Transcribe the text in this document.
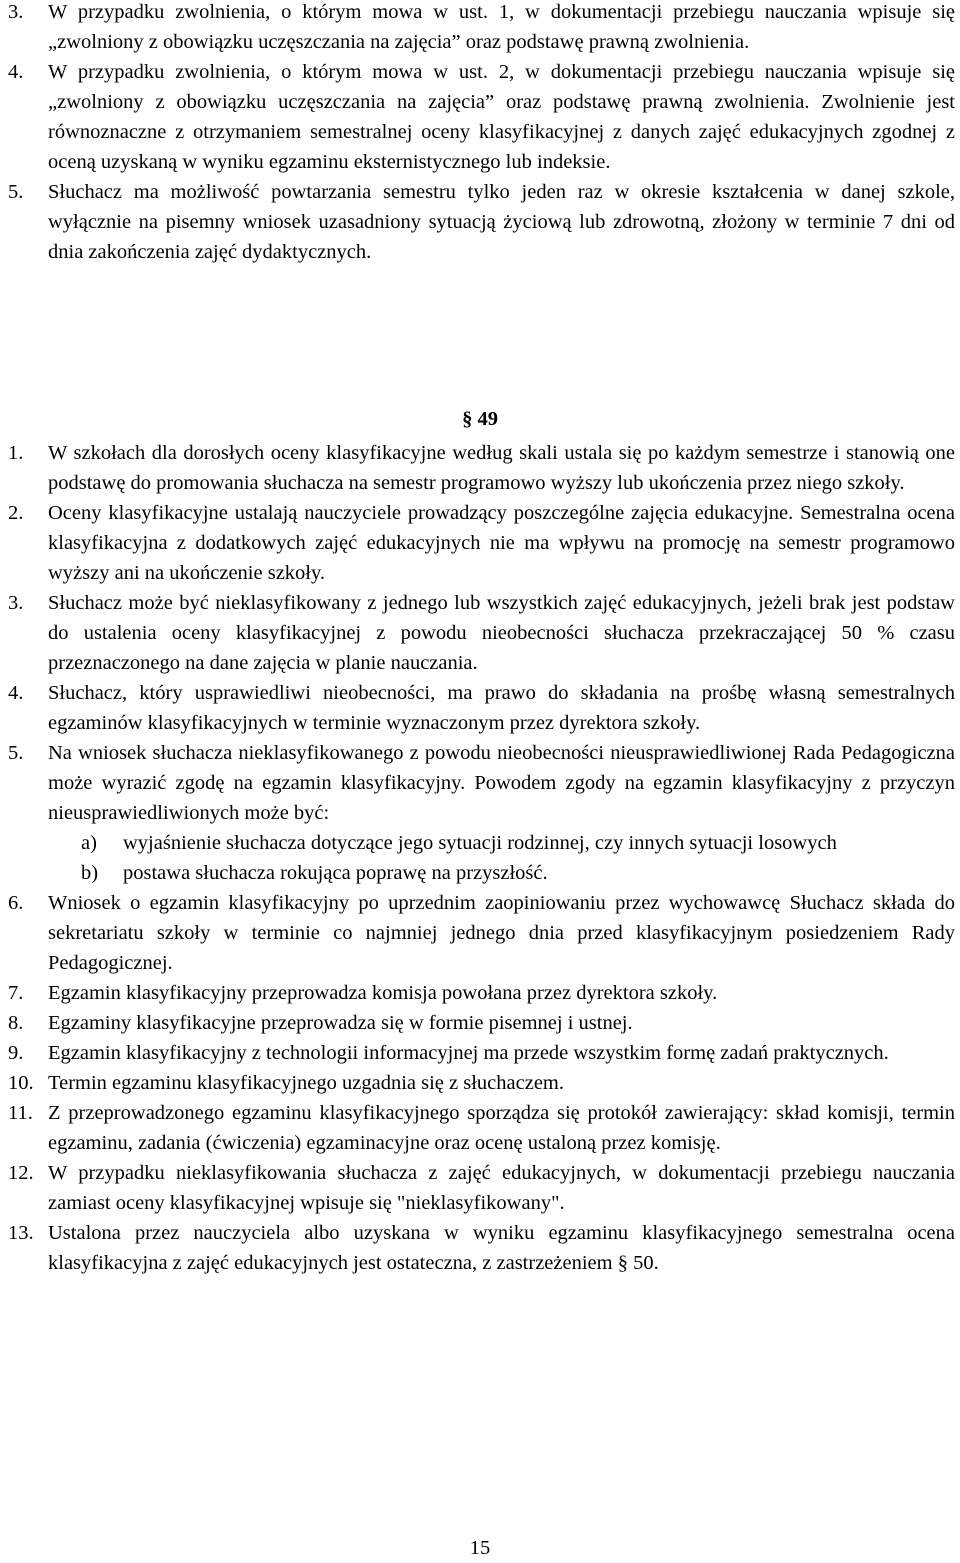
3.	W przypadku zwolnienia, o którym mowa w ust. 1, w dokumentacji przebiegu nauczania wpisuje się „zwolniony z obowiązku uczęszczania na zajęcia” oraz podstawę prawną zwolnienia.
4.	W przypadku zwolnienia, o którym mowa w ust. 2, w dokumentacji przebiegu nauczania wpisuje się „zwolniony z obowiązku uczęszczania na zajęcia” oraz podstawę prawną zwolnienia. Zwolnienie jest równoznaczne z otrzymaniem semestralnej oceny klasyfikacyjnej z danych zajęć edukacyjnych zgodnej z oceną uzyskaną w wyniku egzaminu eksternistycznego lub indeksie.
5.	Słuchacz ma możliwość powtarzania semestru tylko jeden raz w okresie kształcenia w danej szkole, wyłącznie na pisemny wniosek uzasadniony sytuacją życiową lub zdrowotną, złożony w terminie 7 dni od dnia zakończenia zajęć dydaktycznych.
§ 49
1.	W szkołach dla dorosłych oceny klasyfikacyjne według skali ustala się po każdym semestrze i stanowią one podstawę do promowania słuchacza na semestr programowo wyższy lub ukończenia przez niego szkoły.
2.	Oceny klasyfikacyjne ustalają nauczyciele prowadzący poszczególne zajęcia edukacyjne. Semestralna ocena klasyfikacyjna z dodatkowych zajęć edukacyjnych nie ma wpływu na promocję na semestr programowo wyższy ani na ukończenie szkoły.
3.	Słuchacz może być nieklasyfikowany z jednego lub wszystkich zajęć edukacyjnych, jeżeli brak jest podstaw do ustalenia oceny klasyfikacyjnej z powodu nieobecności słuchacza przekraczającej 50 % czasu przeznaczonego na dane zajęcia w planie nauczania.
4.	Słuchacz, który usprawiedliwi nieobecności, ma prawo do składania na prośbę własną semestralnych egzaminów klasyfikacyjnych w terminie wyznaczonym przez dyrektora szkoły.
5.	Na wniosek słuchacza nieklasyfikowanego z powodu nieobecności nieusprawiedliwionej Rada Pedagogiczna może wyrazić zgodę na egzamin klasyfikacyjny. Powodem zgody na egzamin klasyfikacyjny z przyczyn nieusprawiedliwionych może być:
a) wyjaśnienie słuchacza dotyczące jego sytuacji rodzinnej, czy innych sytuacji losowych
b) postawa słuchacza rokująca poprawę na przyszłość.
6.	Wniosek o egzamin klasyfikacyjny po uprzednim zaopiniowaniu przez wychowawcę Słuchacz składa do sekretariatu szkoły w terminie co najmniej jednego dnia przed klasyfikacyjnym posiedzeniem Rady Pedagogicznej.
7.	Egzamin klasyfikacyjny przeprowadza komisja powołana przez dyrektora szkoły.
8.	Egzaminy klasyfikacyjne przeprowadza się w formie pisemnej i ustnej.
9.	Egzamin klasyfikacyjny z technologii informacyjnej ma przede wszystkim formę zadań praktycznych.
10. Termin egzaminu klasyfikacyjnego uzgadnia się z słuchaczem.
11. Z przeprowadzonego egzaminu klasyfikacyjnego sporządza się protokół zawierający: skład komisji, termin egzaminu, zadania (ćwiczenia) egzaminacyjne oraz ocenę ustaloną przez komisję.
12. W przypadku nieklasyfikowania słuchacza z zajęć edukacyjnych, w dokumentacji przebiegu nauczania zamiast oceny klasyfikacyjnej wpisuje się "nieklasyfikowany".
13. Ustalona przez nauczyciela albo uzyskana w wyniku egzaminu klasyfikacyjnego semestralna ocena klasyfikacyjna z zajęć edukacyjnych jest ostateczna, z zastrzeżeniem § 50.
15
